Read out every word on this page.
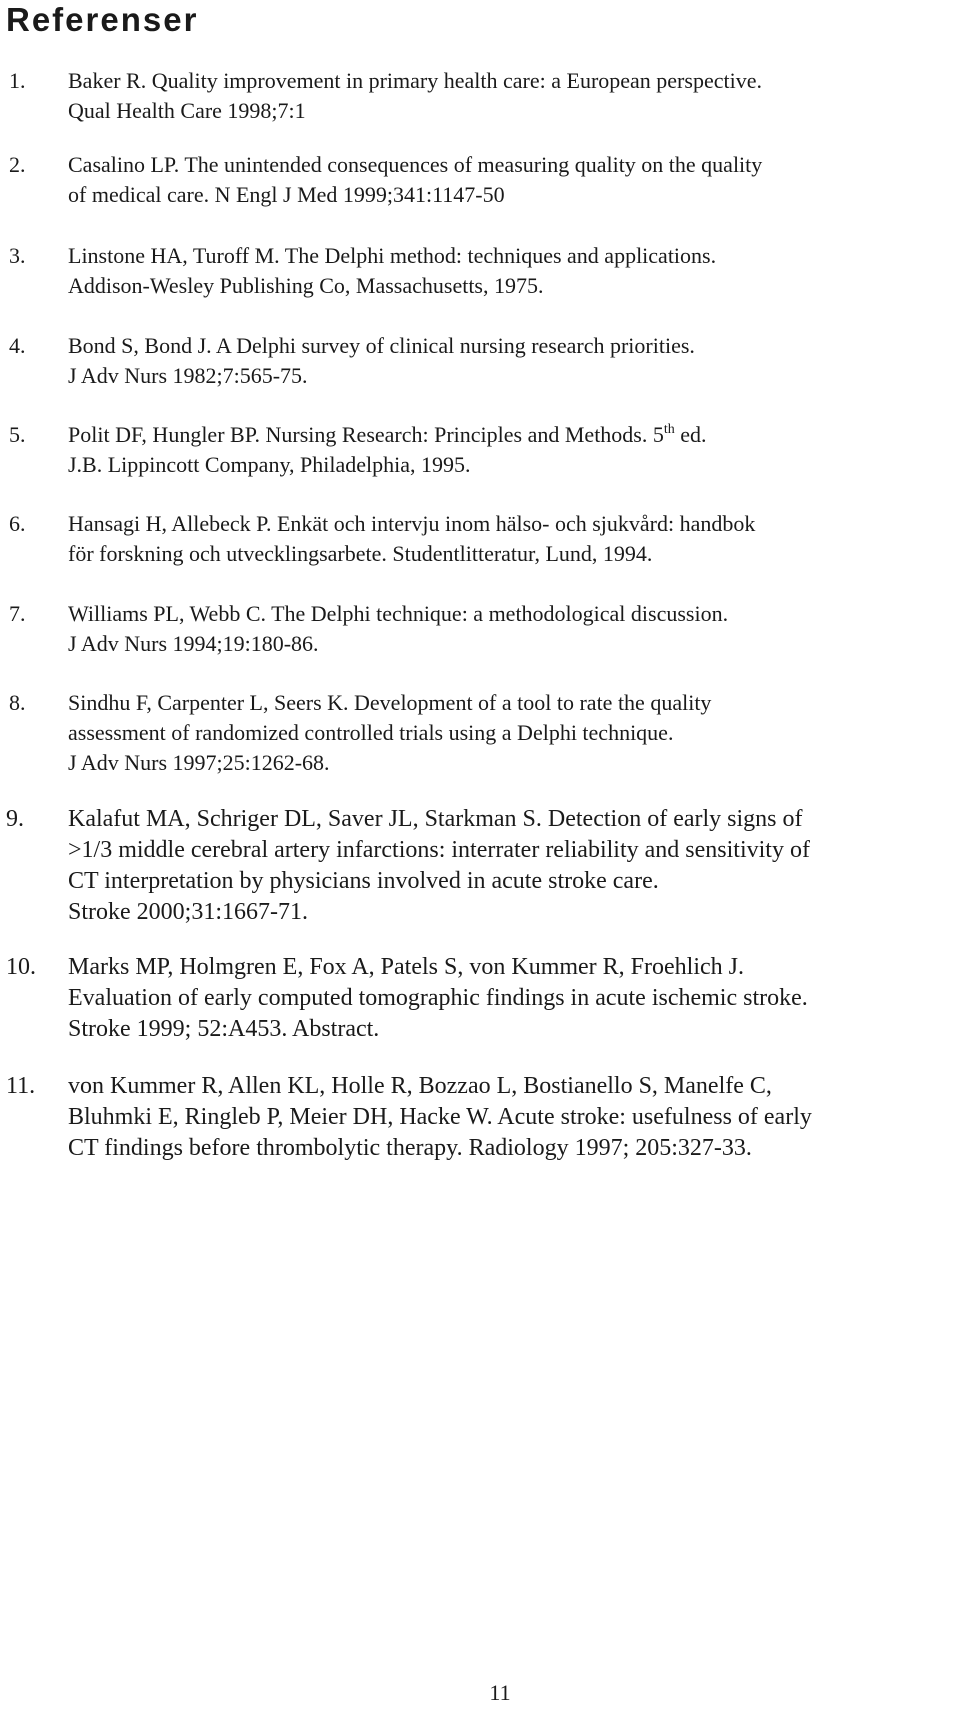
Referenser
1.	Baker R. Quality improvement in primary health care: a European perspective.
Qual Health Care 1998;7:1
2.	Casalino LP. The unintended consequences of measuring quality on the quality
of medical care. N Engl J Med 1999;341:1147-50
3.	Linstone HA, Turoff M. The Delphi method: techniques and applications.
Addison-Wesley Publishing Co, Massachusetts, 1975.
4.	Bond S, Bond J. A Delphi survey of clinical nursing research priorities.
J Adv Nurs 1982;7:565-75.
5.	Polit DF, Hungler BP. Nursing Research: Principles and Methods. 5th ed.
J.B. Lippincott Company, Philadelphia, 1995.
6.	Hansagi H, Allebeck P. Enkät och intervju inom hälso- och sjukvård: handbok
för forskning och utvecklingsarbete. Studentlitteratur, Lund, 1994.
7.	Williams PL, Webb C. The Delphi technique: a methodological discussion.
J Adv Nurs 1994;19:180-86.
8.	Sindhu F, Carpenter L, Seers K. Development of a tool to rate the quality
assessment of randomized controlled trials using a Delphi technique.
J Adv Nurs 1997;25:1262-68.
9.	Kalafut MA, Schriger DL, Saver JL, Starkman S. Detection of early signs of
>1/3 middle cerebral artery infarctions: interrater reliability and sensitivity of
CT interpretation by physicians involved in acute stroke care.
Stroke 2000;31:1667-71.
10.	Marks MP, Holmgren E, Fox A, Patels S, von Kummer R, Froehlich J.
Evaluation of early computed tomographic findings in acute ischemic stroke.
Stroke 1999; 52:A453. Abstract.
11.	von Kummer R, Allen KL, Holle R, Bozzao L, Bostianello S, Manelfe C,
Bluhmki E, Ringleb P, Meier DH, Hacke W. Acute stroke: usefulness of early
CT findings before thrombolytic therapy. Radiology 1997; 205:327-33.
11
